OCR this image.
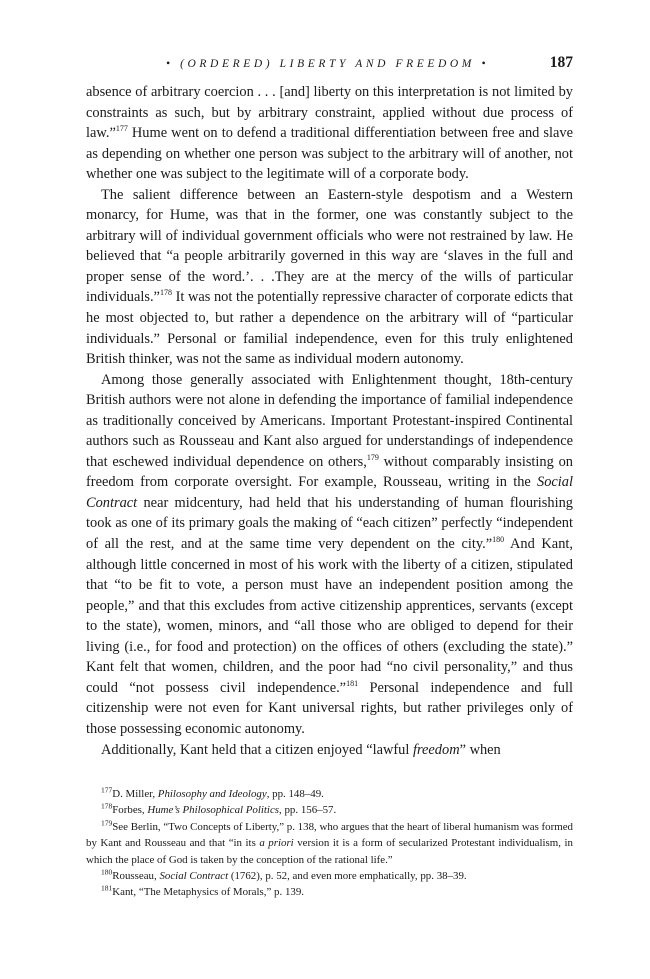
• (ORDERED) LIBERTY AND FREEDOM •	187

absence of arbitrary coercion . . . [and] liberty on this interpretation is not limited by constraints as such, but by arbitrary constraint, applied without due process of law.”$^{177}$ Hume went on to defend a traditional differentiation between free and slave as depending on whether one person was subject to the arbitrary will of another, not whether one was subject to the legitimate will of a corporate body.

The salient difference between an Eastern-style despotism and a Western monarcy, for Hume, was that in the former, one was constantly subject to the arbitrary will of individual government officials who were not restrained by law. He believed that “a people arbitrarily governed in this way are ‘slaves in the full and proper sense of the word.’. . .They are at the mercy of the wills of particular individuals.”$^{178}$ It was not the potentially repressive character of corporate edicts that he most objected to, but rather a dependence on the arbitrary will of “particular individuals.” Personal or familial independence, even for this truly enlightened British thinker, was not the same as individual modern autonomy.

Among those generally associated with Enlightenment thought, 18th-century British authors were not alone in defending the importance of familial independence as traditionally conceived by Americans. Important Protestant-inspired Continental authors such as Rousseau and Kant also argued for understandings of independence that eschewed individual dependence on others,$^{179}$ without comparably insisting on freedom from corporate oversight. For example, Rousseau, writing in the Social Contract near midcentury, had held that his understanding of human flourishing took as one of its primary goals the making of “each citizen” perfectly “independent of all the rest, and at the same time very dependent on the city.”$^{180}$ And Kant, although little concerned in most of his work with the liberty of a citizen, stipulated that “to be fit to vote, a person must have an independent position among the people,” and that this excludes from active citizenship apprentices, servants (except to the state), women, minors, and “all those who are obliged to depend for their living (i.e., for food and protection) on the offices of others (excluding the state).” Kant felt that women, children, and the poor had “no civil personality,” and thus could “not possess civil independence.”$^{181}$ Personal independence and full citizenship were not even for Kant universal rights, but rather privileges only of those possessing economic autonomy.

Additionally, Kant held that a citizen enjoyed “lawful freedom” when

$^{177}$D. Miller, Philosophy and Ideology, pp. 148–49.

$^{178}$Forbes, Hume’s Philosophical Politics, pp. 156–57.

$^{179}$See Berlin, “Two Concepts of Liberty,” p. 138, who argues that the heart of liberal humanism was formed by Kant and Rousseau and that “in its a priori version it is a form of secularized Protestant individualism, in which the place of God is taken by the conception of the rational life.”

$^{180}$Rousseau, Social Contract (1762), p. 52, and even more emphatically, pp. 38–39.

$^{181}$Kant, “The Metaphysics of Morals,” p. 139.
